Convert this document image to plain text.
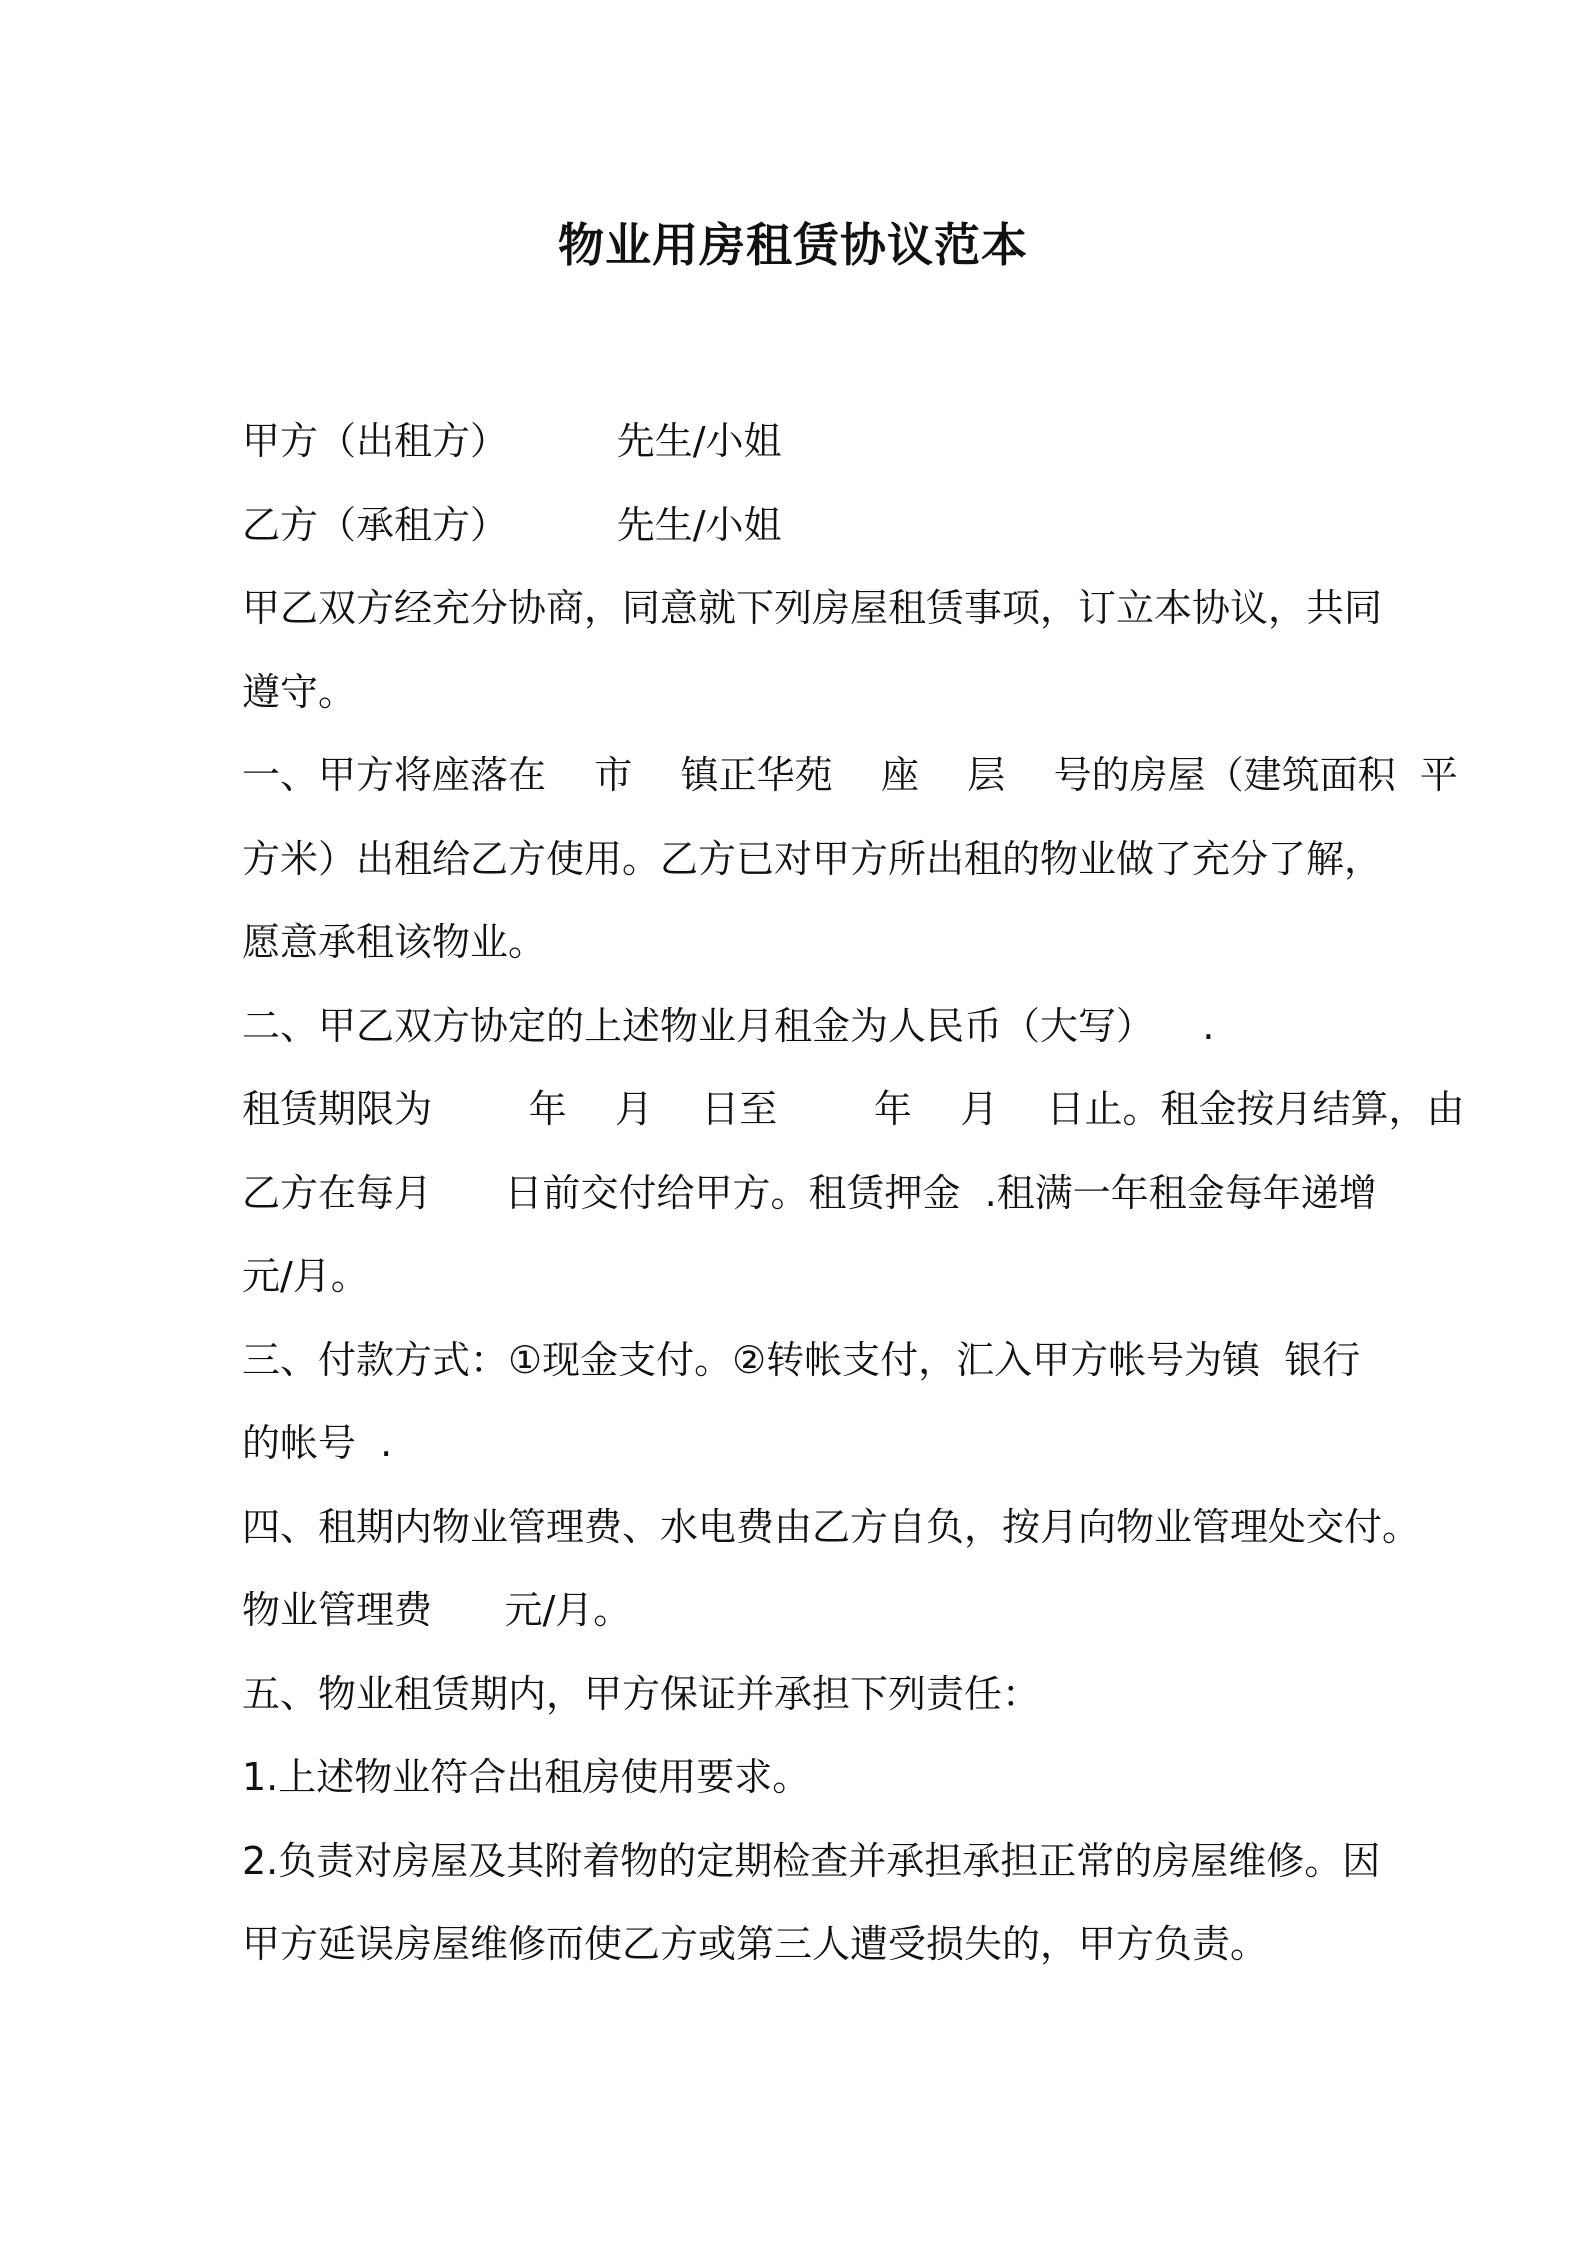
物业用房租赁协议范本
甲方（出租方）         先生/小姐
乙方（承租方）         先生/小姐
甲乙双方经充分协商，同意就下列房屋租赁事项，订立本协议，共同
遵守。
一、甲方将座落在    市    镇正华苑    座    层    号的房屋（建筑面积  平
方米）出租给乙方使用。乙方已对甲方所出租的物业做了充分了解，
愿意承租该物业。
二、甲乙双方协定的上述物业月租金为人民币（大写）    .
租赁期限为        年    月    日至        年    月    日止。租金按月结算，由
乙方在每月      日前交付给甲方。租赁押金  .租满一年租金每年递增
元/月。
三、付款方式：①现金支付。②转帐支付，汇入甲方帐号为镇  银行
的帐号  .
四、租期内物业管理费、水电费由乙方自负，按月向物业管理处交付。
物业管理费      元/月。
五、物业租赁期内，甲方保证并承担下列责任：
1.上述物业符合出租房使用要求。
2.负责对房屋及其附着物的定期检查并承担承担正常的房屋维修。因
甲方延误房屋维修而使乙方或第三人遭受损失的，甲方负责。
